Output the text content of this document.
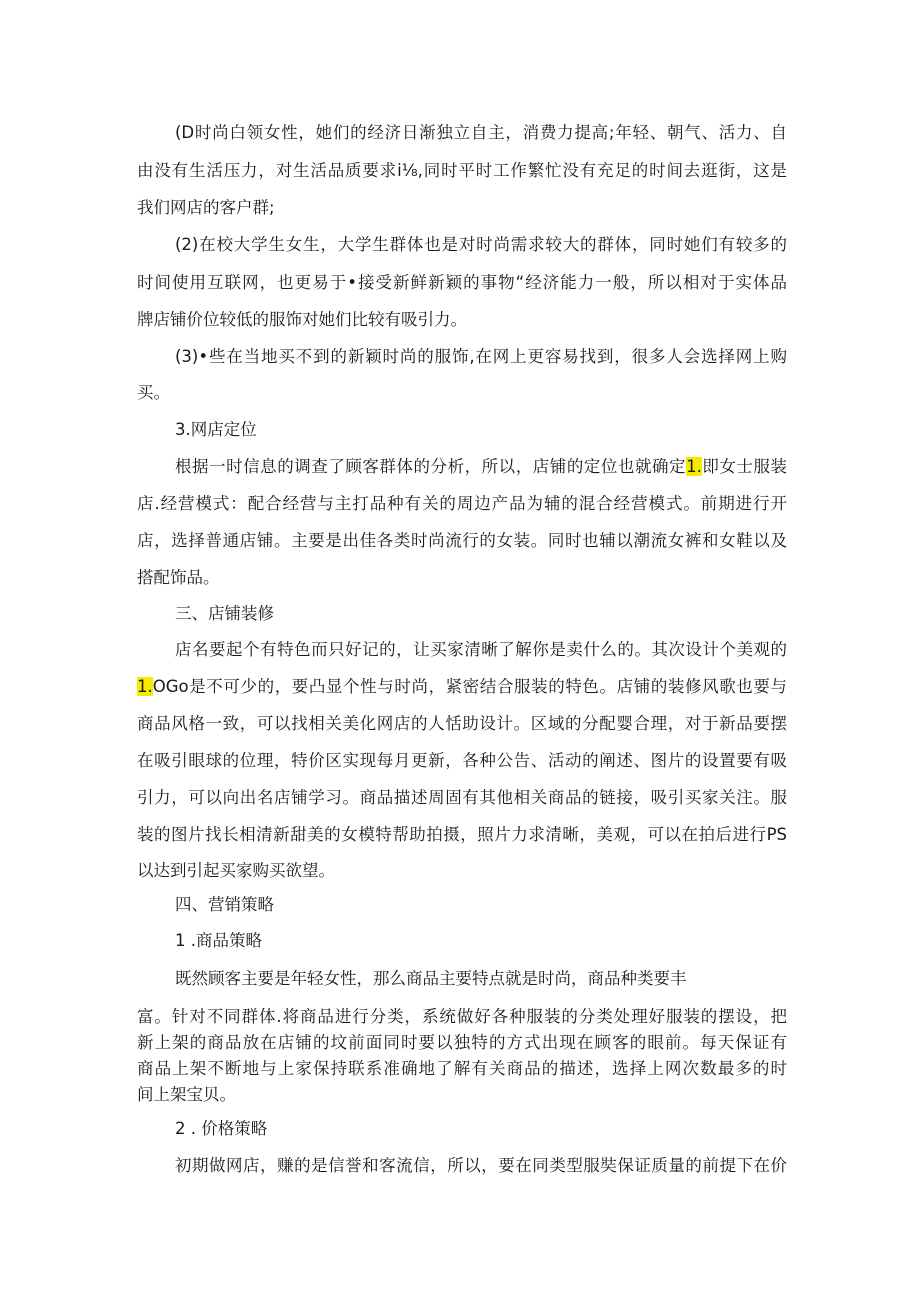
(D时尚白领女性，她们的经济日渐独立自主，消费力提高;年轻、朝气、活力、自
由没有生活压力，对生活品质要求i⅛,同时平时工作繁忙没有充足的时间去逛街，这是
我们网店的客户群;
(2)在校大学生女生，大学生群体也是对时尚需求较大的群体，同时她们有较多的
时间使用互联网，也更易于•接受新鲜新颖的事物“经济能力一般，所以相对于实体品
牌店铺价位较低的服饰对她们比较有吸引力。
(3)•些在当地买不到的新颖时尚的服饰,在网上更容易找到，很多人会选择网上购
买。
3.网店定位
根据一时信息的调查了顾客群体的分析，所以，店铺的定位也就确定1.即女士服装
店.经营模式：配合经营与主打品种有关的周边产品为辅的混合经营模式。前期进行开
店，选择普通店铺。主要是出佳各类时尚流行的女装。同时也辅以潮流女裤和女鞋以及
搭配饰品。
三、店铺装修
店名要起个有特色而只好记的，让买家清晰了解你是卖什么的。其次设计个美观的
1.OGo是不可少的，要凸显个性与时尚，紧密结合服装的特色。店铺的装修风歌也要与
商品风格一致，可以找相关美化网店的人恬助设计。区域的分配婴合理，对于新品要摆
在吸引眼球的位理，特价区实现每月更新，各种公告、活动的阐述、图片的设置要有吸
引力，可以向出名店铺学习。商品描述周固有其他相关商品的链接，吸引买家关注。服
装的图片找长相清新甜美的女模特帮助拍摄，照片力求清晰，美观，可以在拍后进行PS
以达到引起买家购买欲望。
四、营销策略
1 .商品策略
既然顾客主要是年轻女性，那么商品主要特点就是时尚，商品种类要丰
富。针对不同群体.将商品进行分类，系统做好各种服装的分类处理好服装的摆设，把
新上架的商品放在店铺的坟前面同时要以独特的方式出现在顾客的眼前。每天保证有
商品上架不断地与上家保持联系准确地了解有关商品的描述，选择上网次数最多的时
间上架宝贝。
2 . 价格策略
初期做网店，赚的是信誉和客流信，所以，要在同类型服奘保证质量的前提下在价
